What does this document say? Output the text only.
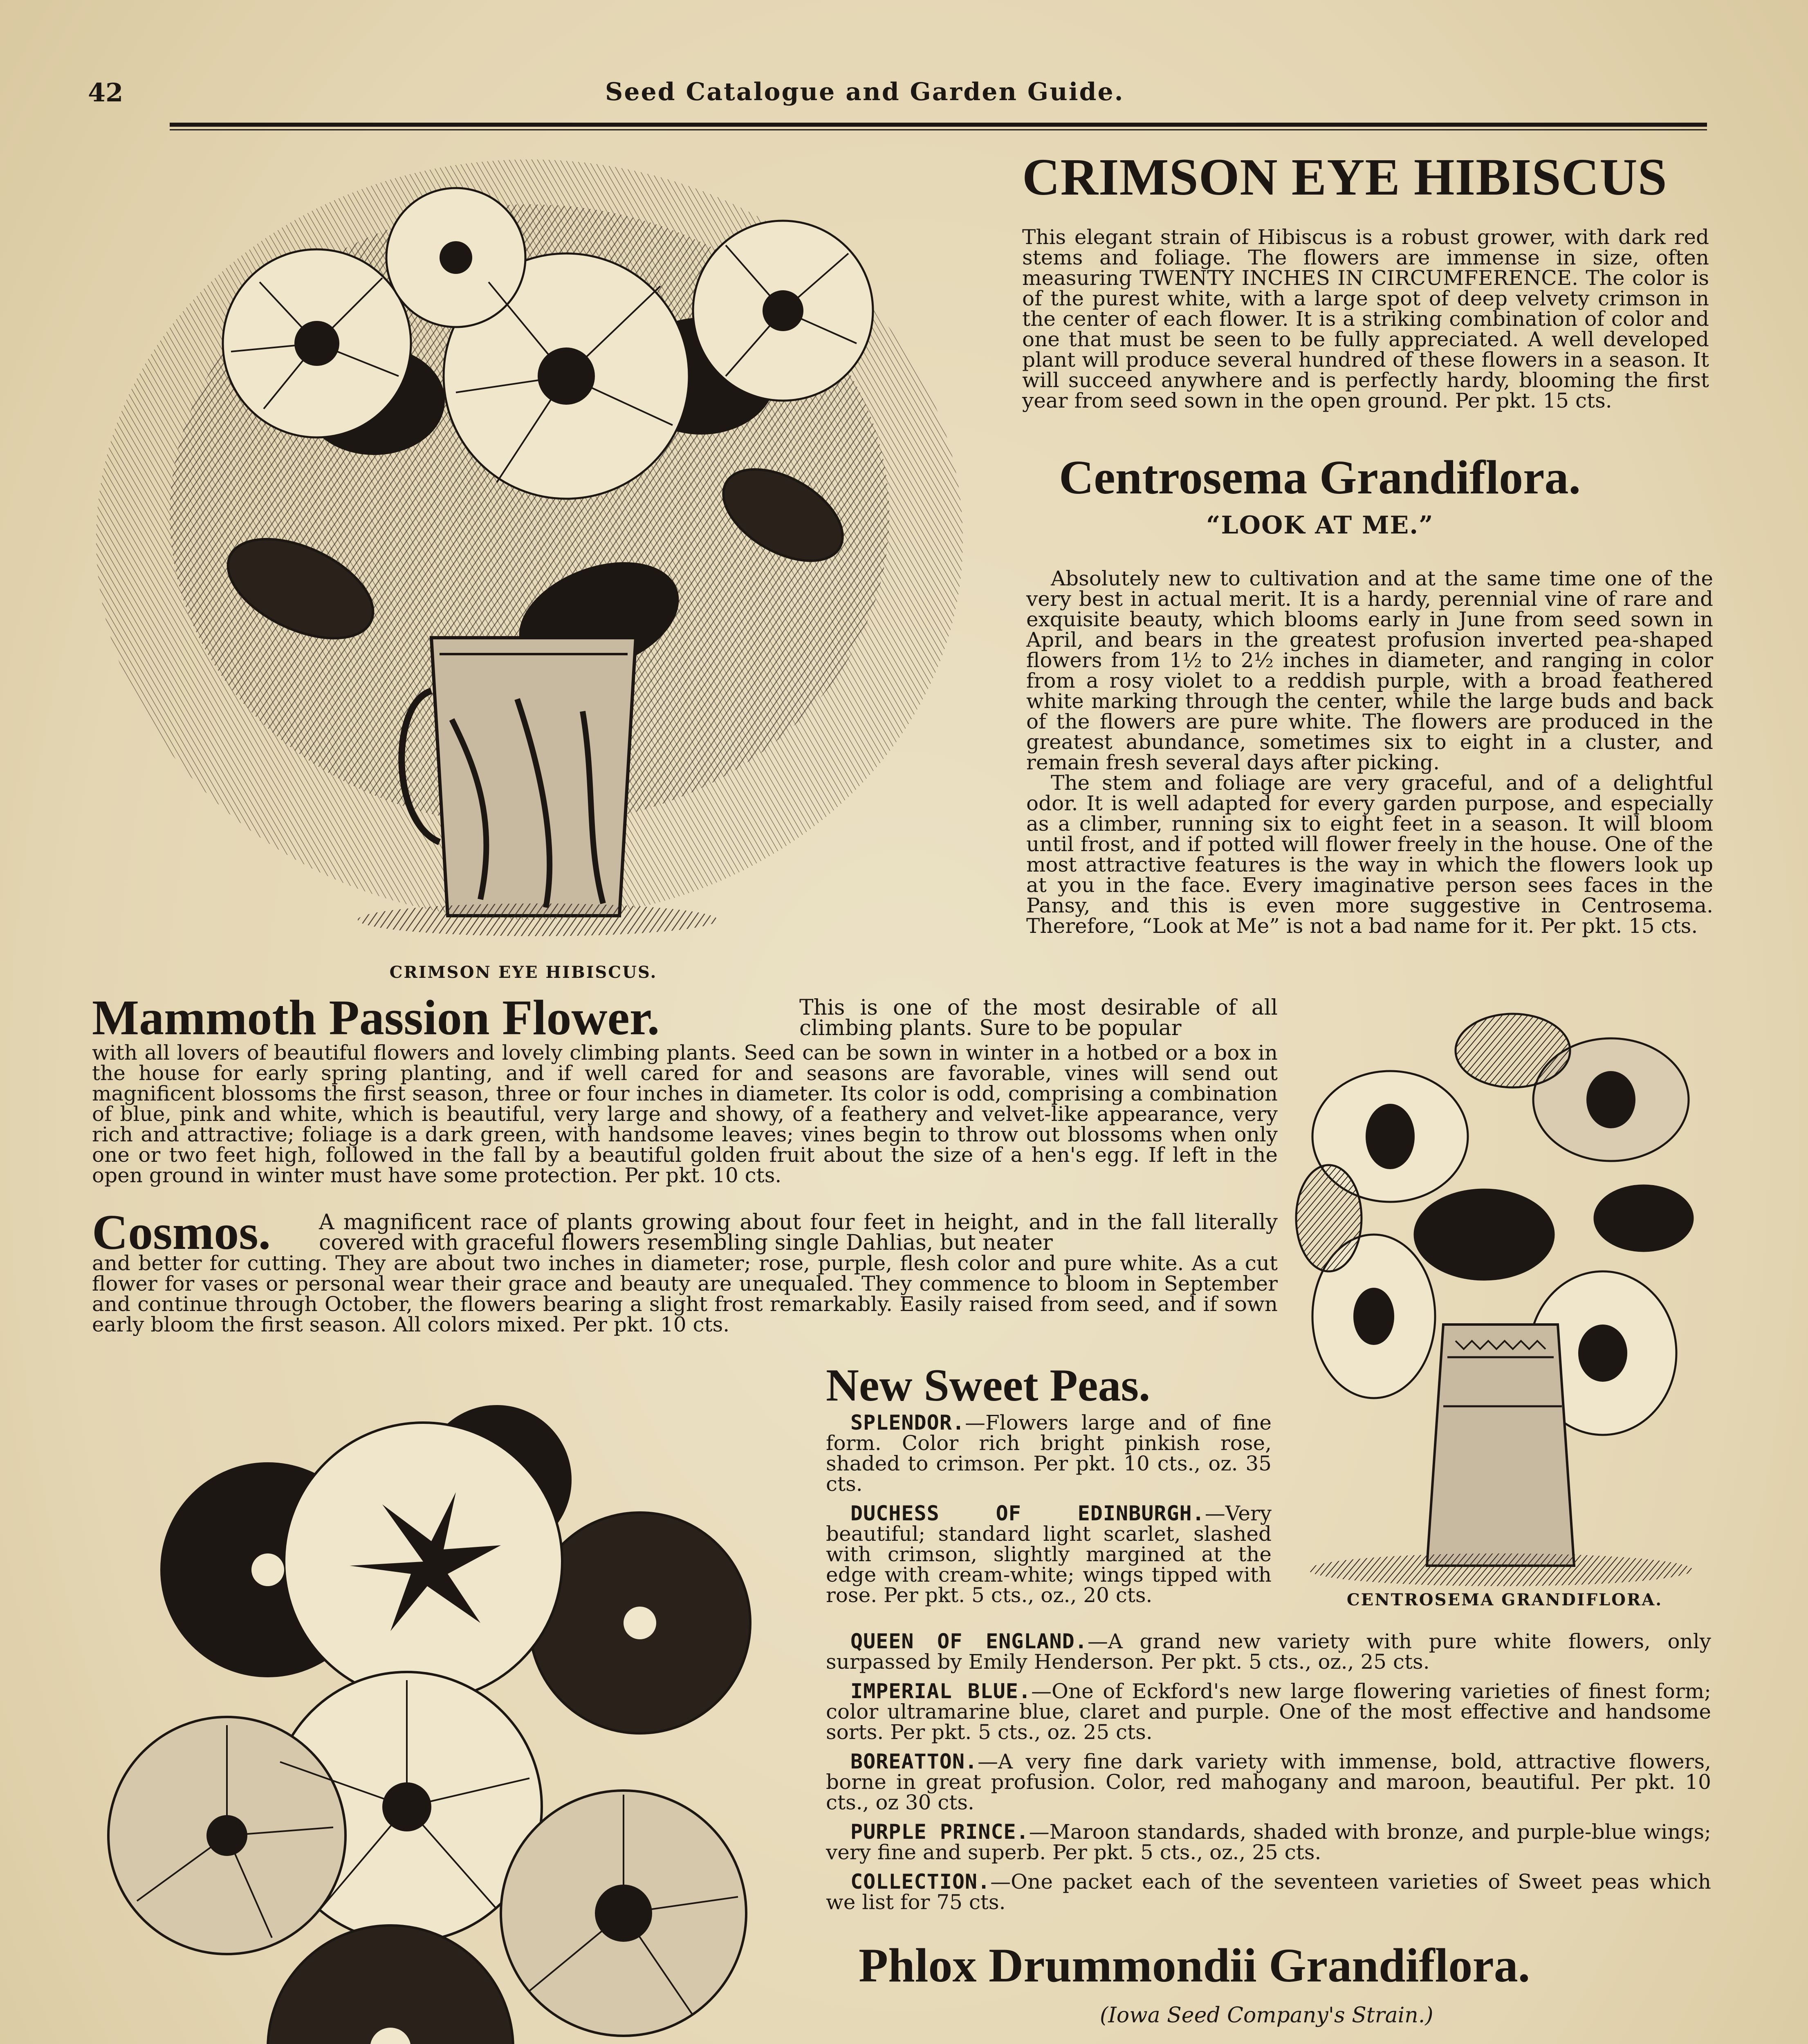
42	Seed Catalogue and Garden Guide.
CRIMSON EYE HIBISCUS.
CRIMSON EYE HIBISCUS
This elegant strain of Hibiscus is a robust grower, with dark red stems and foliage. The flowers are immense in size, often measuring TWENTY INCHES IN CIRCUMFERENCE. The color is of the purest white, with a large spot of deep velvety crimson in the center of each flower. It is a striking combination of color and one that must be seen to be fully appreciated. A well developed plant will produce several hundred of these flowers in a season. It will succeed anywhere and is perfectly hardy, blooming the first year from seed sown in the open ground. Per pkt. 15 cts.
Centrosema Grandiflora.
“LOOK AT ME.”

Absolutely new to cultivation and at the same time one of the very best in actual merit. It is a hardy, perennial vine of rare and exquisite beauty, which blooms early in June from seed sown in April, and bears in the greatest profusion inverted pea-shaped flowers from 1½ to 2½ inches in diameter, and ranging in color from a rosy violet to a reddish purple, with a broad feathered white marking through the center, while the large buds and back of the flowers are pure white. The flowers are produced in the greatest abundance, sometimes six to eight in a cluster, and remain fresh several days after picking.

The stem and foliage are very graceful, and of a delightful odor. It is well adapted for every garden purpose, and especially as a climber, running six to eight feet in a season. It will bloom until frost, and if potted will flower freely in the house. One of the most attractive features is the way in which the flowers look up at you in the face. Every imaginative person sees faces in the Pansy, and this is even more suggestive in Centrosema. Therefore, “Look at Me” is not a bad name for it. Per pkt. 15 cts.

CENTROSEMA GRANDIFLORA.
Mammoth Passion Flower.	This is one of the most desirable of all climbing plants. Sure to be popular
with all lovers of beautiful flowers and lovely climbing plants. Seed can be sown in winter in a hotbed or a box in the house for early spring planting, and if well cared for and seasons are favorable, vines will send out magnificent blossoms the first season, three or four inches in diameter. Its color is odd, comprising a combination of blue, pink and white, which is beautiful, very large and showy, of a feathery and velvet-like appearance, very rich and attractive; foliage is a dark green, with handsome leaves; vines begin to throw out blossoms when only one or two feet high, followed in the fall by a beautiful golden fruit about the size of a hen's egg. If left in the open ground in winter must have some protection. Per pkt. 10 cts.
Cosmos. A magnificent race of plants growing about four feet in height, and in the fall literally covered with graceful flowers resembling single Dahlias, but neater
and better for cutting. They are about two inches in diameter; rose, purple, flesh color and pure white. As a cut flower for vases or personal wear their grace and beauty are unequaled. They commence to bloom in September and continue through October, the flowers bearing a slight frost remarkably. Easily raised from seed, and if sown early bloom the first season. All colors mixed. Per pkt. 10 cts.
New Sweet Peas.

SPLENDOR.—Flowers large and of fine form. Color rich bright pinkish rose, shaded to crimson. Per pkt. 10 cts., oz. 35 cts.

DUCHESS OF EDINBURGH.—Very beautiful; standard light scarlet, slashed with crimson, slightly margined at the edge with cream-white; wings tipped with rose. Per pkt. 5 cts., oz., 20 cts.

QUEEN OF ENGLAND.—A grand new variety with pure white flowers, only surpassed by Emily Henderson. Per pkt. 5 cts., oz., 25 cts.

IMPERIAL BLUE.—One of Eckford's new large flowering varieties of finest form; color ultramarine blue, claret and purple. One of the most effective and handsome sorts. Per pkt. 5 cts., oz. 25 cts.

BOREATTON.—A very fine dark variety with immense, bold, attractive flowers, borne in great profusion. Color, red mahogany and maroon, beautiful. Per pkt. 10 cts., oz 30 cts.

PURPLE PRINCE.—Maroon standards, shaded with bronze, and purple-blue wings; very fine and superb. Per pkt. 5 cts., oz., 25 cts.

COLLECTION.—One packet each of the seventeen varieties of Sweet peas which we list for 75 cts.

Phlox Drummondii Grandiflora.
(Iowa Seed Company's Strain.)
